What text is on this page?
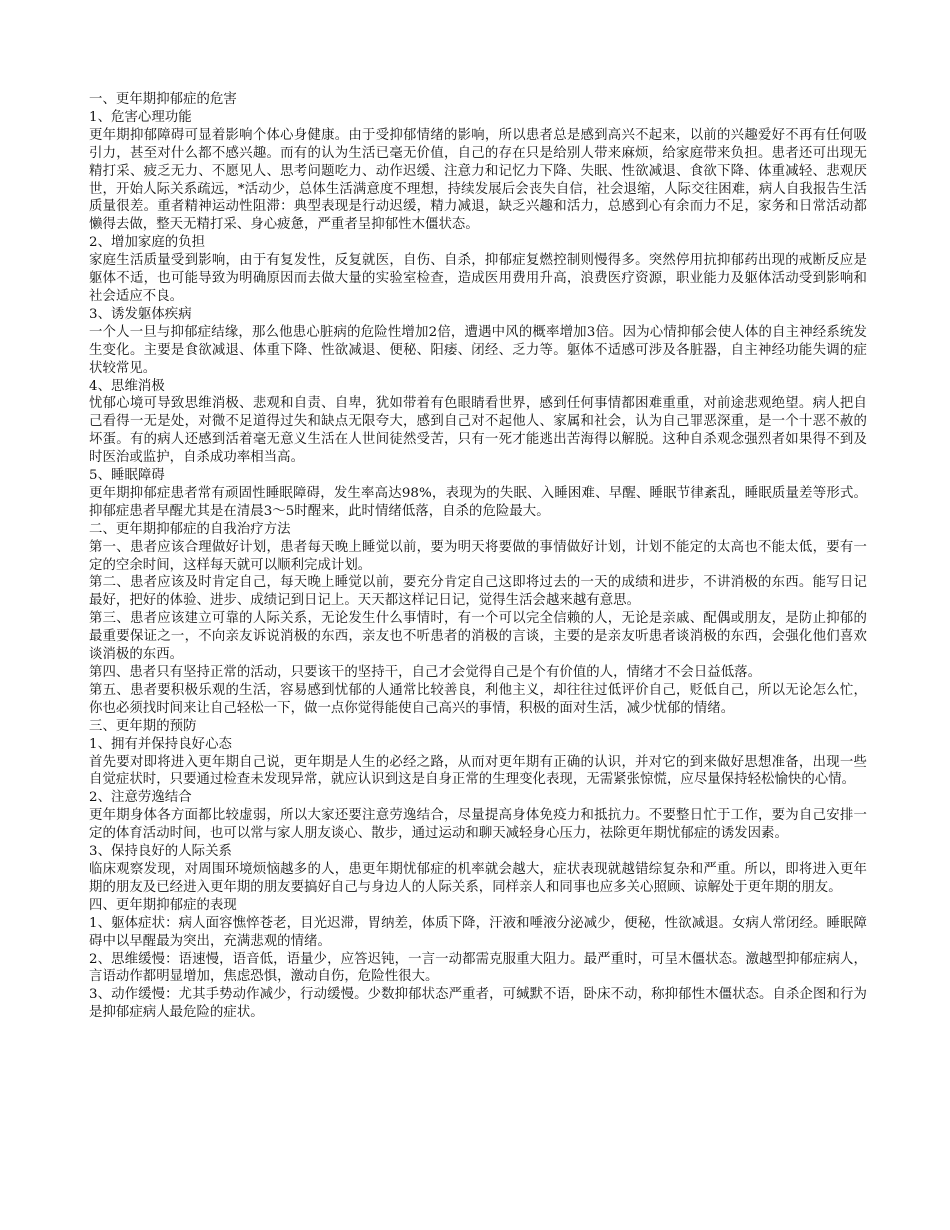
一、更年期抑郁症的危害

1、危害心理功能

更年期抑郁障碍可显着影响个体心身健康。由于受抑郁情绪的影响，所以患者总是感到高兴不起来，以前的兴趣爱好不再有任何吸引力，甚至对什么都不感兴趣。而有的认为生活已毫无价值，自己的存在只是给别人带来麻烦，给家庭带来负担。患者还可出现无精打采、疲乏无力、不愿见人、思考问题吃力、动作迟缓、注意力和记忆力下降、失眠、性欲减退、食欲下降、体重减轻、悲观厌世，开始人际关系疏远，*活动少，总体生活满意度不理想，持续发展后会丧失自信，社会退缩，人际交往困难，病人自我报告生活质量很差。重者精神运动性阻滞：典型表现是行动迟缓，精力减退，缺乏兴趣和活力，总感到心有余而力不足，家务和日常活动都懒得去做，整天无精打采、身心疲惫，严重者呈抑郁性木僵状态。

2、增加家庭的负担

家庭生活质量受到影响，由于有复发性，反复就医，自伤、自杀，抑郁症复燃控制则慢得多。突然停用抗抑郁药出现的戒断反应是躯体不适，也可能导致为明确原因而去做大量的实验室检查，造成医用费用升高，浪费医疗资源，职业能力及躯体活动受到影响和社会适应不良。

3、诱发躯体疾病

一个人一旦与抑郁症结缘，那么他患心脏病的危险性增加2倍，遭遇中风的概率增加3倍。因为心情抑郁会使人体的自主神经系统发生变化。主要是食欲减退、体重下降、性欲减退、便秘、阳痿、闭经、乏力等。躯体不适感可涉及各脏器，自主神经功能失调的症状较常见。

4、思维消极

忧郁心境可导致思维消极、悲观和自责、自卑，犹如带着有色眼睛看世界，感到任何事情都困难重重，对前途悲观绝望。病人把自己看得一无是处，对微不足道得过失和缺点无限夸大，感到自己对不起他人、家属和社会，认为自己罪恶深重，是一个十恶不赦的坏蛋。有的病人还感到活着毫无意义生活在人世间徒然受苦，只有一死才能逃出苦海得以解脱。这种自杀观念强烈者如果得不到及时医治或监护，自杀成功率相当高。

5、睡眠障碍

更年期抑郁症患者常有顽固性睡眠障碍，发生率高达98%，表现为的失眠、入睡困难、早醒、睡眠节律紊乱，睡眠质量差等形式。抑郁症患者早醒尤其是在清晨3～5时醒来，此时情绪低落，自杀的危险最大。

二、更年期抑郁症的自我治疗方法

第一、患者应该合理做好计划，患者每天晚上睡觉以前，要为明天将要做的事情做好计划，计划不能定的太高也不能太低，要有一定的空余时间，这样每天就可以顺利完成计划。

第二、患者应该及时肯定自己，每天晚上睡觉以前，要充分肯定自己这即将过去的一天的成绩和进步，不讲消极的东西。能写日记最好，把好的体验、进步、成绩记到日记上。天天都这样记日记，觉得生活会越来越有意思。

第三、患者应该建立可靠的人际关系，无论发生什么事情时，有一个可以完全信赖的人，无论是亲戚、配偶或朋友，是防止抑郁的最重要保证之一，不向亲友诉说消极的东西，亲友也不听患者的消极的言谈，主要的是亲友听患者谈消极的东西，会强化他们喜欢谈消极的东西。

第四、患者只有坚持正常的活动，只要该干的坚持干，自己才会觉得自己是个有价值的人，情绪才不会日益低落。

第五、患者要积极乐观的生活，容易感到忧郁的人通常比较善良，利他主义，却往往过低评价自己，贬低自己，所以无论怎么忙，你也必须找时间来让自己轻松一下，做一点你觉得能使自己高兴的事情，积极的面对生活，减少忧郁的情绪。

三、更年期的预防

1、拥有并保持良好心态

首先要对即将进入更年期自己说，更年期是人生的必经之路，从而对更年期有正确的认识，并对它的到来做好思想准备，出现一些自觉症状时，只要通过检查未发现异常，就应认识到这是自身正常的生理变化表现，无需紧张惊慌，应尽量保持轻松愉快的心情。

2、注意劳逸结合

更年期身体各方面都比较虚弱，所以大家还要注意劳逸结合，尽量提高身体免疫力和抵抗力。不要整日忙于工作，要为自己安排一定的体育活动时间，也可以常与家人朋友谈心、散步，通过运动和聊天减轻身心压力，祛除更年期忧郁症的诱发因素。

3、保持良好的人际关系

临床观察发现，对周围环境烦恼越多的人，患更年期忧郁症的机率就会越大，症状表现就越错综复杂和严重。所以，即将进入更年期的朋友及已经进入更年期的朋友要搞好自己与身边人的人际关系，同样亲人和同事也应多关心照顾、谅解处于更年期的朋友。

四、更年期抑郁症的表现

1、躯体症状：病人面容憔悴苍老，目光迟滞，胃纳差，体质下降，汗液和唾液分泌减少，便秘，性欲减退。女病人常闭经。睡眠障碍中以早醒最为突出，充满悲观的情绪。

2、思维缓慢：语速慢，语音低，语量少，应答迟钝，一言一动都需克服重大阻力。最严重时，可呈木僵状态。激越型抑郁症病人，言语动作都明显增加，焦虑恐惧，激动自伤，危险性很大。

3、动作缓慢：尤其手势动作减少，行动缓慢。少数抑郁状态严重者，可缄默不语，卧床不动，称抑郁性木僵状态。自杀企图和行为是抑郁症病人最危险的症状。
